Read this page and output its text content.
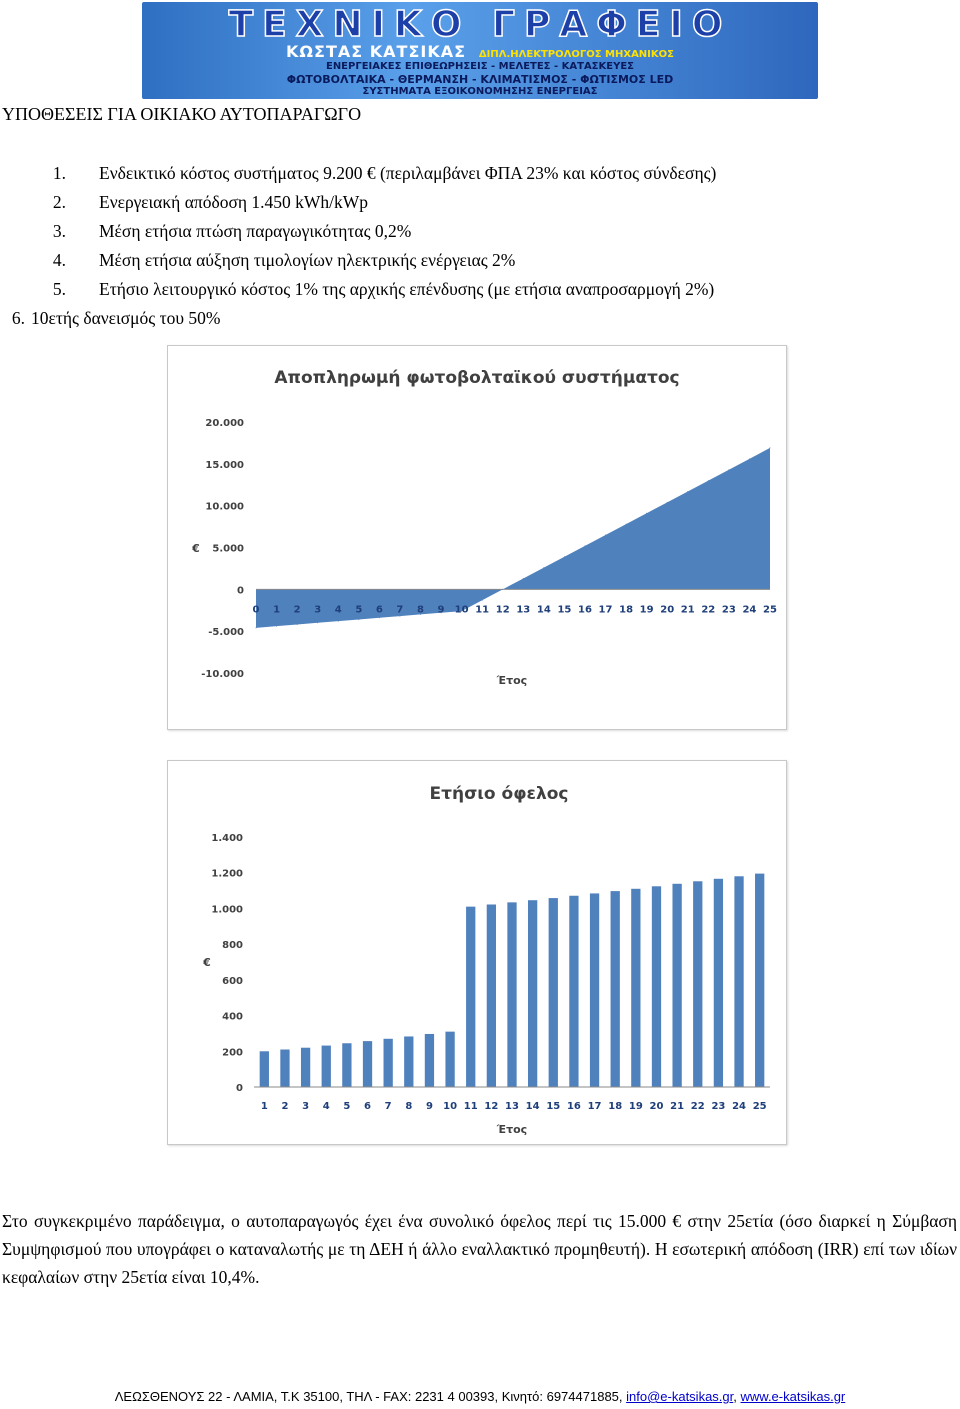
ΤΕΧΝΙΚΟ ΓΡΑΦΕΙΟ
ΚΩΣΤΑΣ ΚΑΤΣΙΚΑΣ ΔΙΠΛ.ΗΛΕΚΤΡΟΛΟΓΟΣ ΜΗΧΑΝΙΚΟΣ
ΕΝΕΡΓΕΙΑΚΕΣ ΕΠΙΘΕΩΡΗΣΕΙΣ - ΜΕΛΕΤΕΣ - ΚΑΤΑΣΚΕΥΕΣ
ΦΩΤΟΒΟΛΤΑΙΚΑ - ΘΕΡΜΑΝΣΗ - ΚΛΙΜΑΤΙΣΜΟΣ - ΦΩΤΙΣΜΟΣ LED
ΣΥΣΤΗΜΑΤΑ ΕΞΟΙΚΟΝΟΜΗΣΗΣ ΕΝΕΡΓΕΙΑΣ
ΥΠΟΘΕΣΕΙΣ ΓΙΑ ΟΙΚΙΑΚΟ ΑΥΤΟΠΑΡΑΓΩΓΟ
1. Ενδεικτικό κόστος συστήματος 9.200 € (περιλαμβάνει ΦΠΑ 23% και κόστος σύνδεσης)
2. Ενεργειακή απόδοση 1.450 kWh/kWp
3. Μέση ετήσια πτώση παραγωγικότητας 0,2%
4. Μέση ετήσια αύξηση τιμολογίων ηλεκτρικής ενέργειας 2%
5. Ετήσιο λειτουργικό κόστος 1% της αρχικής επένδυσης (με ετήσια αναπροσαρμογή 2%)
6. 10ετής δανεισμός του 50%
Αποπληρωμή φωτοβολταϊκού συστήματος
€
Έτος
-10.000
-5.000
0
5.000
10.000
15.000
20.000
0 1 2 3 4 5 6 7 8 9 10 11 12 13 14 15 16 17 18 19 20 21 22 23 24 25
Ετήσιο όφελος
€
Έτος
0
200
400
600
800
1.000
1.200
1.400
1 2 3 4 5 6 7 8 9 10 11 12 13 14 15 16 17 18 19 20 21 22 23 24 25

Στο συγκεκριμένο παράδειγμα, ο αυτοπαραγωγός έχει ένα συνολικό όφελος περί τις 15.000 € στην 25ετία (όσο διαρκεί η Σύμβαση Συμψηφισμού που υπογράφει ο καταναλωτής με τη ΔΕΗ ή άλλο εναλλακτικό προμηθευτή). Η εσωτερική απόδοση (IRR) επί των ιδίων κεφαλαίων στην 25ετία είναι 10,4%.

ΛΕΩΣΘΕΝΟΥΣ 22 - ΛΑΜΙΑ, Τ.Κ 35100, ΤΗΛ - FAX: 2231 4 00393, Κινητό: 6974471885, info@e-katsikas.gr, www.e-katsikas.gr
